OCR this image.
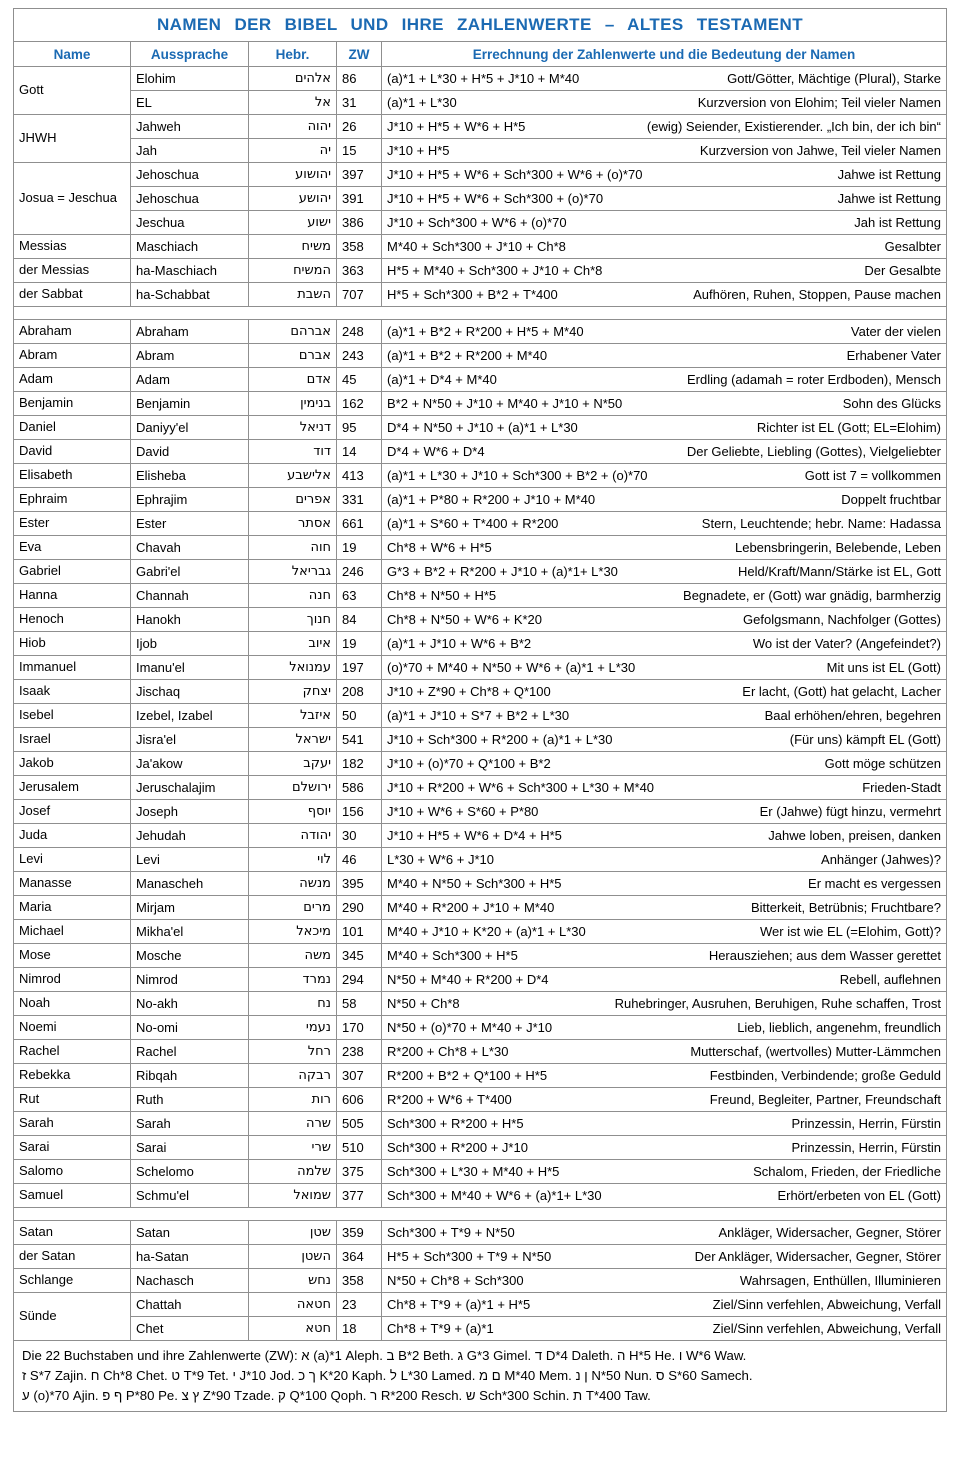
NAMEN DER BIBEL UND IHRE ZAHLENWERTE – ALTES TESTAMENT				
Name	Aussprache	Hebr.	ZW	Errechnung der Zahlenwerte und die Bedeutung der Namen
Gott	Elohim	אלהים	86	(a)*1 + L*30 + H*5 + J*10 + M*40 Gott/Götter, Mächtige (Plural), Starke

	EL	אל	31	(a)*1 + L*30 Kurzversion von Elohim; Teil vieler Namen

JHWH	Jahweh	יהוה	26	J*10 + H*5 + W*6 + H*5 (ewig) Seiender, Existierender. „Ich bin, der ich bin“

	Jah	יה	15	J*10 + H*5 Kurzversion von Jahwe, Teil vieler Namen

Josua = Jeschua	Jehoschua	יהושוע	397	J*10 + H*5 + W*6 + Sch*300 + W*6 + (o)*70 Jahwe ist Rettung

	Jehoschua	יהושע	391	J*10 + H*5 + W*6 + Sch*300 + (o)*70 Jahwe ist Rettung

	Jeschua	ישוע	386	J*10 + Sch*300 + W*6 + (o)*70 Jah ist Rettung

Messias	Maschiach	משיח	358	M*40 + Sch*300 + J*10 + Ch*8 Gesalbter

der Messias	ha-Maschiach	המשיח	363	H*5 + M*40 + Sch*300 + J*10 + Ch*8 Der Gesalbte

der Sabbat	ha-Schabbat	השבת	707	H*5 + Sch*300 + B*2 + T*400 Aufhören, Ruhen, Stoppen, Pause machen

Abraham	Abraham	אברהם	248	(a)*1 + B*2 + R*200 + H*5 + M*40 Vater der vielen

Abram	Abram	אברם	243	(a)*1 + B*2 + R*200 + M*40 Erhabener Vater

Adam	Adam	אדם	45	(a)*1 + D*4 + M*40 Erdling (adamah = roter Erdboden), Mensch

Benjamin	Benjamin	בנימין	162	B*2 + N*50 + J*10 + M*40 + J*10 + N*50 Sohn des Glücks

Daniel	Daniyy'el	דניאל	95	D*4 + N*50 + J*10 + (a)*1 + L*30 Richter ist EL (Gott; EL=Elohim)

David	David	דוד	14	D*4 + W*6 + D*4 Der Geliebte, Liebling (Gottes), Vielgeliebter

Elisabeth	Elisheba	אלישבע	413	(a)*1 + L*30 + J*10 + Sch*300 + B*2 + (o)*70 Gott ist 7 = vollkommen

Ephraim	Ephrajim	אפרים	331	(a)*1 + P*80 + R*200 + J*10 + M*40 Doppelt fruchtbar

Ester	Ester	אסתר	661	(a)*1 + S*60 + T*400 + R*200 Stern, Leuchtende; hebr. Name: Hadassa

Eva	Chavah	חוה	19	Ch*8 + W*6 + H*5 Lebensbringerin, Belebende, Leben

Gabriel	Gabri'el	גבריאל	246	G*3 + B*2 + R*200 + J*10 + (a)*1+ L*30 Held/Kraft/Mann/Stärke ist EL, Gott

Hanna	Channah	חנה	63	Ch*8 + N*50 + H*5 Begnadete, er (Gott) war gnädig, barmherzig

Henoch	Hanokh	חנוך	84	Ch*8 + N*50 + W*6 + K*20 Gefolgsmann, Nachfolger (Gottes)

Hiob	Ijob	איוב	19	(a)*1 + J*10 + W*6 + B*2 Wo ist der Vater? (Angefeindet?)

Immanuel	Imanu'el	עמנואל	197	(o)*70 + M*40 + N*50 + W*6 + (a)*1 + L*30 Mit uns ist EL (Gott)

Isaak	Jischaq	יצחק	208	J*10 + Z*90 + Ch*8 + Q*100 Er lacht, (Gott) hat gelacht, Lacher

Isebel	Izebel, Izabel	איזבל	50	(a)*1 + J*10 + S*7 + B*2 + L*30 Baal erhöhen/ehren, begehren

Israel	Jisra'el	ישראל	541	J*10 + Sch*300 + R*200 + (a)*1 + L*30 (Für uns) kämpft EL (Gott)

Jakob	Ja'akow	יעקב	182	J*10 + (o)*70 + Q*100 + B*2 Gott möge schützen

Jerusalem	Jeruschalajim	ירושלם	586	J*10 + R*200 + W*6 + Sch*300 + L*30 + M*40 Frieden-Stadt

Josef	Joseph	יוסף	156	J*10 + W*6 + S*60 + P*80 Er (Jahwe) fügt hinzu, vermehrt

Juda	Jehudah	יהודה	30	J*10 + H*5 + W*6 + D*4 + H*5 Jahwe loben, preisen, danken

Levi	Levi	לוי	46	L*30 + W*6 + J*10 Anhänger (Jahwes)?

Manasse	Manascheh	מנשה	395	M*40 + N*50 + Sch*300 + H*5 Er macht es vergessen

Maria	Mirjam	מרים	290	M*40 + R*200 + J*10 + M*40 Bitterkeit, Betrübnis; Fruchtbare?

Michael	Mikha'el	מיכאל	101	M*40 + J*10 + K*20 + (a)*1 + L*30 Wer ist wie EL (=Elohim, Gott)?

Mose	Mosche	משה	345	M*40 + Sch*300 + H*5 Herausziehen; aus dem Wasser gerettet

Nimrod	Nimrod	נמרד	294	N*50 + M*40 + R*200 + D*4 Rebell, auflehnen

Noah	No-akh	נח	58	N*50 + Ch*8 Ruhebringer, Ausruhen, Beruhigen, Ruhe schaffen, Trost

Noemi	No-omi	נעמי	170	N*50 + (o)*70 + M*40 + J*10 Lieb, lieblich, angenehm, freundlich

Rachel	Rachel	רחל	238	R*200 + Ch*8 + L*30 Mutterschaf, (wertvolles) Mutter-Lämmchen

Rebekka	Ribqah	רבקה	307	R*200 + B*2 + Q*100 + H*5 Festbinden, Verbindende; große Geduld

Rut	Ruth	רות	606	R*200 + W*6 + T*400 Freund, Begleiter, Partner, Freundschaft

Sarah	Sarah	שרה	505	Sch*300 + R*200 + H*5 Prinzessin, Herrin, Fürstin

Sarai	Sarai	שרי	510	Sch*300 + R*200 + J*10 Prinzessin, Herrin, Fürstin

Salomo	Schelomo	שלמה	375	Sch*300 + L*30 + M*40 + H*5 Schalom, Frieden, der Friedliche

Samuel	Schmu'el	שמואל	377	Sch*300 + M*40 + W*6 + (a)*1+ L*30 Erhört/erbeten von EL (Gott)

Satan	Satan	שטן	359	Sch*300 + T*9 + N*50 Ankläger, Widersacher, Gegner, Störer

der Satan	ha-Satan	השטן	364	H*5 + Sch*300 + T*9 + N*50 Der Ankläger, Widersacher, Gegner, Störer

Schlange	Nachasch	נחש	358	N*50 + Ch*8 + Sch*300 Wahrsagen, Enthüllen, Illuminieren

Sünde	Chattah	חטאה	23	Ch*8 + T*9 + (a)*1 + H*5 Ziel/Sinn verfehlen, Abweichung, Verfall

	Chet	חטא	18	Ch*8 + T*9 + (a)*1 Ziel/Sinn verfehlen, Abweichung, Verfall

Die 22 Buchstaben und ihre Zahlenwerte (ZW): א (a)*1 Aleph. ב B*2 Beth. ג G*3 Gimel. ד D*4 Daleth. ה H*5 He. ו W*6 Waw.
ז S*7 Zajin. ח Ch*8 Chet. ט T*9 Tet. י J*10 Jod. ך כ K*20 Kaph. ל L*30 Lamed. ם מ M*40 Mem. ן נ N*50 Nun. ס S*60 Samech.
ע (o)*70 Ajin. ף פ P*80 Pe. ץ צ Z*90 Tzade. ק Q*100 Qoph. ר R*200 Resch. ש Sch*300 Schin. ת T*400 Taw.				
